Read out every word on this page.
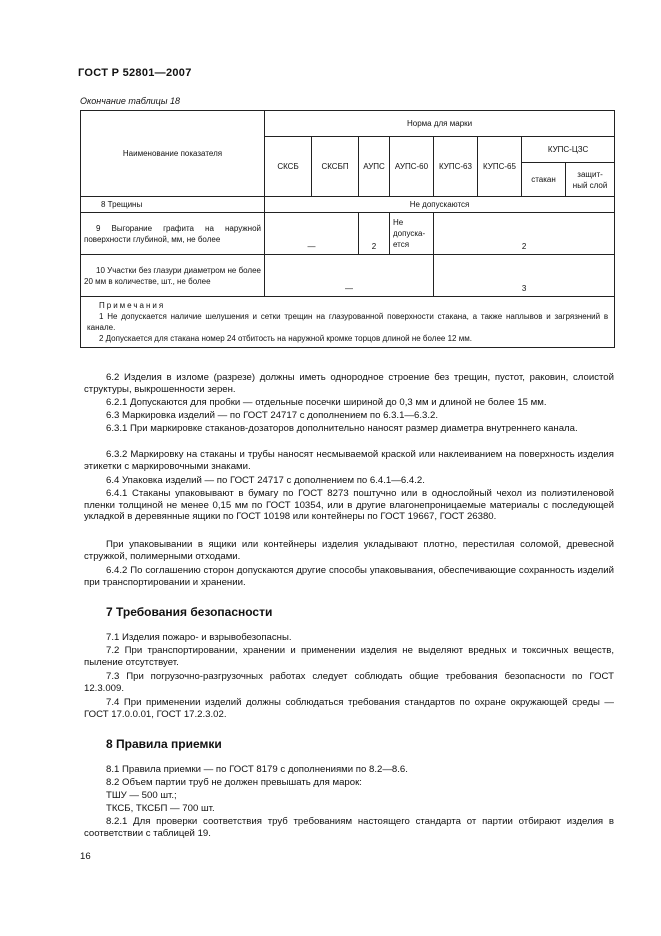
ГОСТ Р 52801—2007
Окончание таблицы 18
Наименование показателя	Норма для марки							
	СКСБ	СКСБП	АУПС	АУПС-60	КУПС-63	КУПС-65	КУПС-ЦЗС	
							стакан	защит-
ный слой
8 Трещины	Не допускаются							
9 Выгорание графита на наружной поверхности глубиной, мм, не более	—		2	Не допуска-ется	2			
10 Участки без глазури диаметром не более 20 мм в количестве, шт., не более	—				3			

Примечания
1 Не допускается наличие шелушения и сетки трещин на глазурованной поверхности стакана, а также наплывов и загрязнений в канале.
2 Допускается для стакана номер 24 отбитость на наружной кромке торцов длиной не более 12 мм.								
6.2 Изделия в изломе (разрезе) должны иметь однородное строение без трещин, пустот, раковин, слоистой структуры, выкрошенности зерен.
6.2.1 Допускаются для пробки — отдельные посечки шириной до 0,3 мм и длиной не более 15 мм.
6.3 Маркировка изделий — по ГОСТ 24717 с дополнением по 6.3.1—6.3.2.
6.3.1 При маркировке стаканов-дозаторов дополнительно наносят размер диаметра внутреннего канала.
6.3.2 Маркировку на стаканы и трубы наносят несмываемой краской или наклеиванием на поверхность изделия этикетки с маркировочными знаками.
6.4 Упаковка изделий — по ГОСТ 24717 с дополнением по 6.4.1—6.4.2.
6.4.1 Стаканы упаковывают в бумагу по ГОСТ 8273 поштучно или в однослойный чехол из полиэтиленовой пленки толщиной не менее 0,15 мм по ГОСТ 10354, или в другие влагонепроницаемые материалы с последующей укладкой в деревянные ящики по ГОСТ 10198 или контейнеры по ГОСТ 19667, ГОСТ 26380.
При упаковывании в ящики или контейнеры изделия укладывают плотно, перестилая соломой, древесной стружкой, полимерными отходами.
6.4.2 По соглашению сторон допускаются другие способы упаковывания, обеспечивающие сохранность изделий при транспортировании и хранении.
7 Требования безопасности
7.1 Изделия пожаро- и взрывобезопасны.
7.2 При транспортировании, хранении и применении изделия не выделяют вредных и токсичных веществ, пыление отсутствует.
7.3 При погрузочно-разгрузочных работах следует соблюдать общие требования безопасности по ГОСТ 12.3.009.
7.4 При применении изделий должны соблюдаться требования стандартов по охране окружающей среды — ГОСТ 17.0.0.01, ГОСТ 17.2.3.02.
8 Правила приемки
8.1 Правила приемки — по ГОСТ 8179 с дополнениями по 8.2—8.6.
8.2 Объем партии труб не должен превышать для марок:
ТШУ — 500 шт.;
ТКСБ, ТКСБП — 700 шт.
8.2.1 Для проверки соответствия труб требованиям настоящего стандарта от партии отбирают изделия в соответствии с таблицей 19.
16
